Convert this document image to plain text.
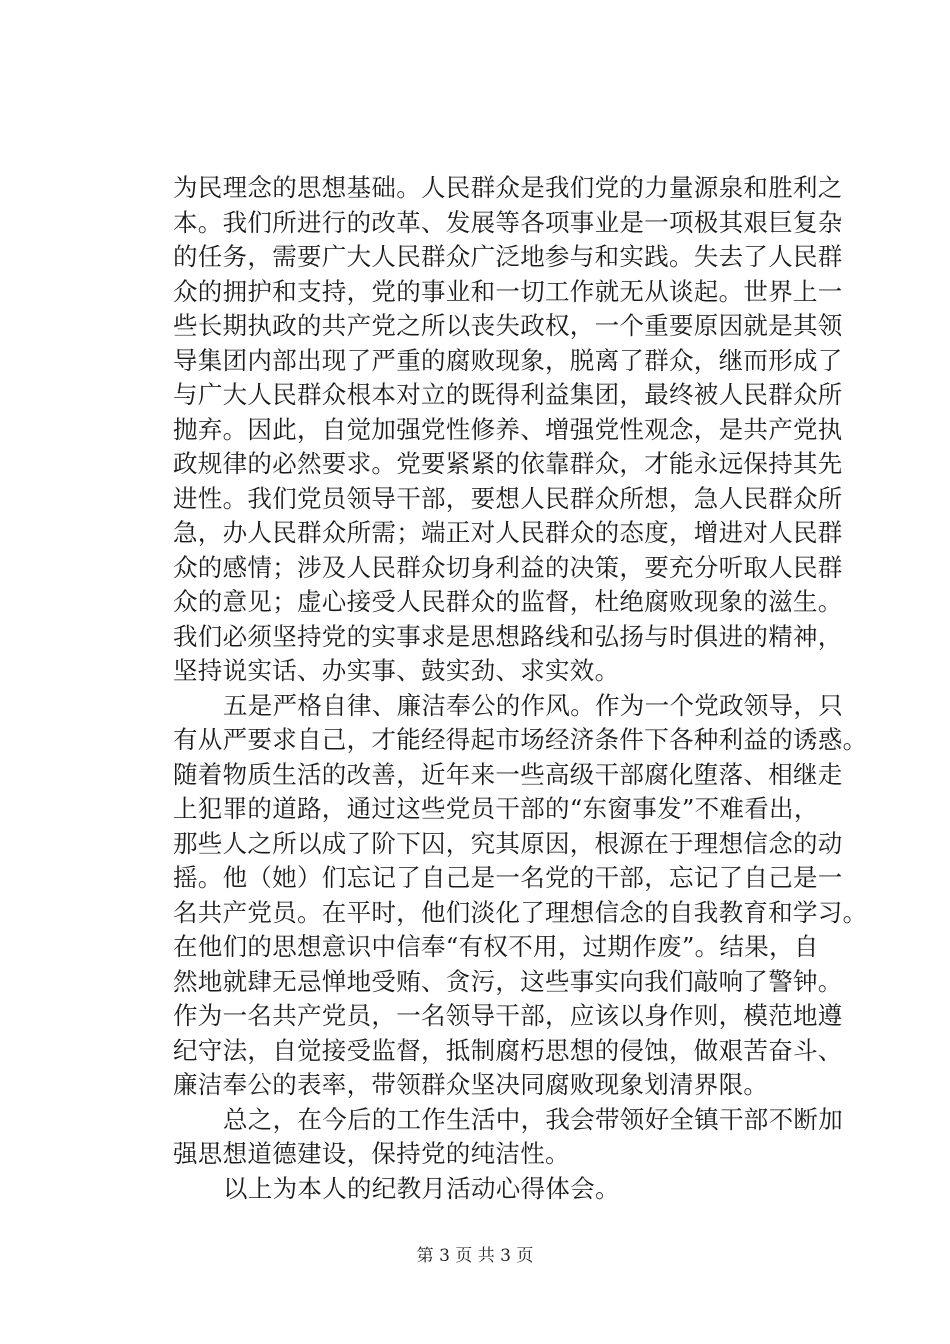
为民理念的思想基础。人民群众是我们党的力量源泉和胜利之
本。我们所进行的改革、发展等各项事业是一项极其艰巨复杂
的任务，需要广大人民群众广泛地参与和实践。失去了人民群
众的拥护和支持，党的事业和一切工作就无从谈起。世界上一
些长期执政的共产党之所以丧失政权，一个重要原因就是其领
导集团内部出现了严重的腐败现象，脱离了群众，继而形成了
与广大人民群众根本对立的既得利益集团，最终被人民群众所
抛弃。因此，自觉加强党性修养、增强党性观念，是共产党执
政规律的必然要求。党要紧紧的依靠群众，才能永远保持其先
进性。我们党员领导干部，要想人民群众所想，急人民群众所
急，办人民群众所需；端正对人民群众的态度，增进对人民群
众的感情；涉及人民群众切身利益的决策，要充分听取人民群
众的意见；虚心接受人民群众的监督，杜绝腐败现象的滋生。
我们必须坚持党的实事求是思想路线和弘扬与时俱进的精神，
坚持说实话、办实事、鼓实劲、求实效。
五是严格自律、廉洁奉公的作风。作为一个党政领导，只
有从严要求自己，才能经得起市场经济条件下各种利益的诱惑。
随着物质生活的改善，近年来一些高级干部腐化堕落、相继走
上犯罪的道路，通过这些党员干部的“东窗事发”不难看出，
那些人之所以成了阶下囚，究其原因，根源在于理想信念的动
摇。他（她）们忘记了自己是一名党的干部，忘记了自己是一
名共产党员。在平时，他们淡化了理想信念的自我教育和学习。
在他们的思想意识中信奉“有权不用，过期作废”。结果，自
然地就肆无忌惮地受贿、贪污，这些事实向我们敲响了警钟。
作为一名共产党员，一名领导干部，应该以身作则，模范地遵
纪守法，自觉接受监督，抵制腐朽思想的侵蚀，做艰苦奋斗、
廉洁奉公的表率，带领群众坚决同腐败现象划清界限。
总之，在今后的工作生活中，我会带领好全镇干部不断加
强思想道德建设，保持党的纯洁性。
以上为本人的纪教月活动心得体会。
第 3 页 共 3 页
